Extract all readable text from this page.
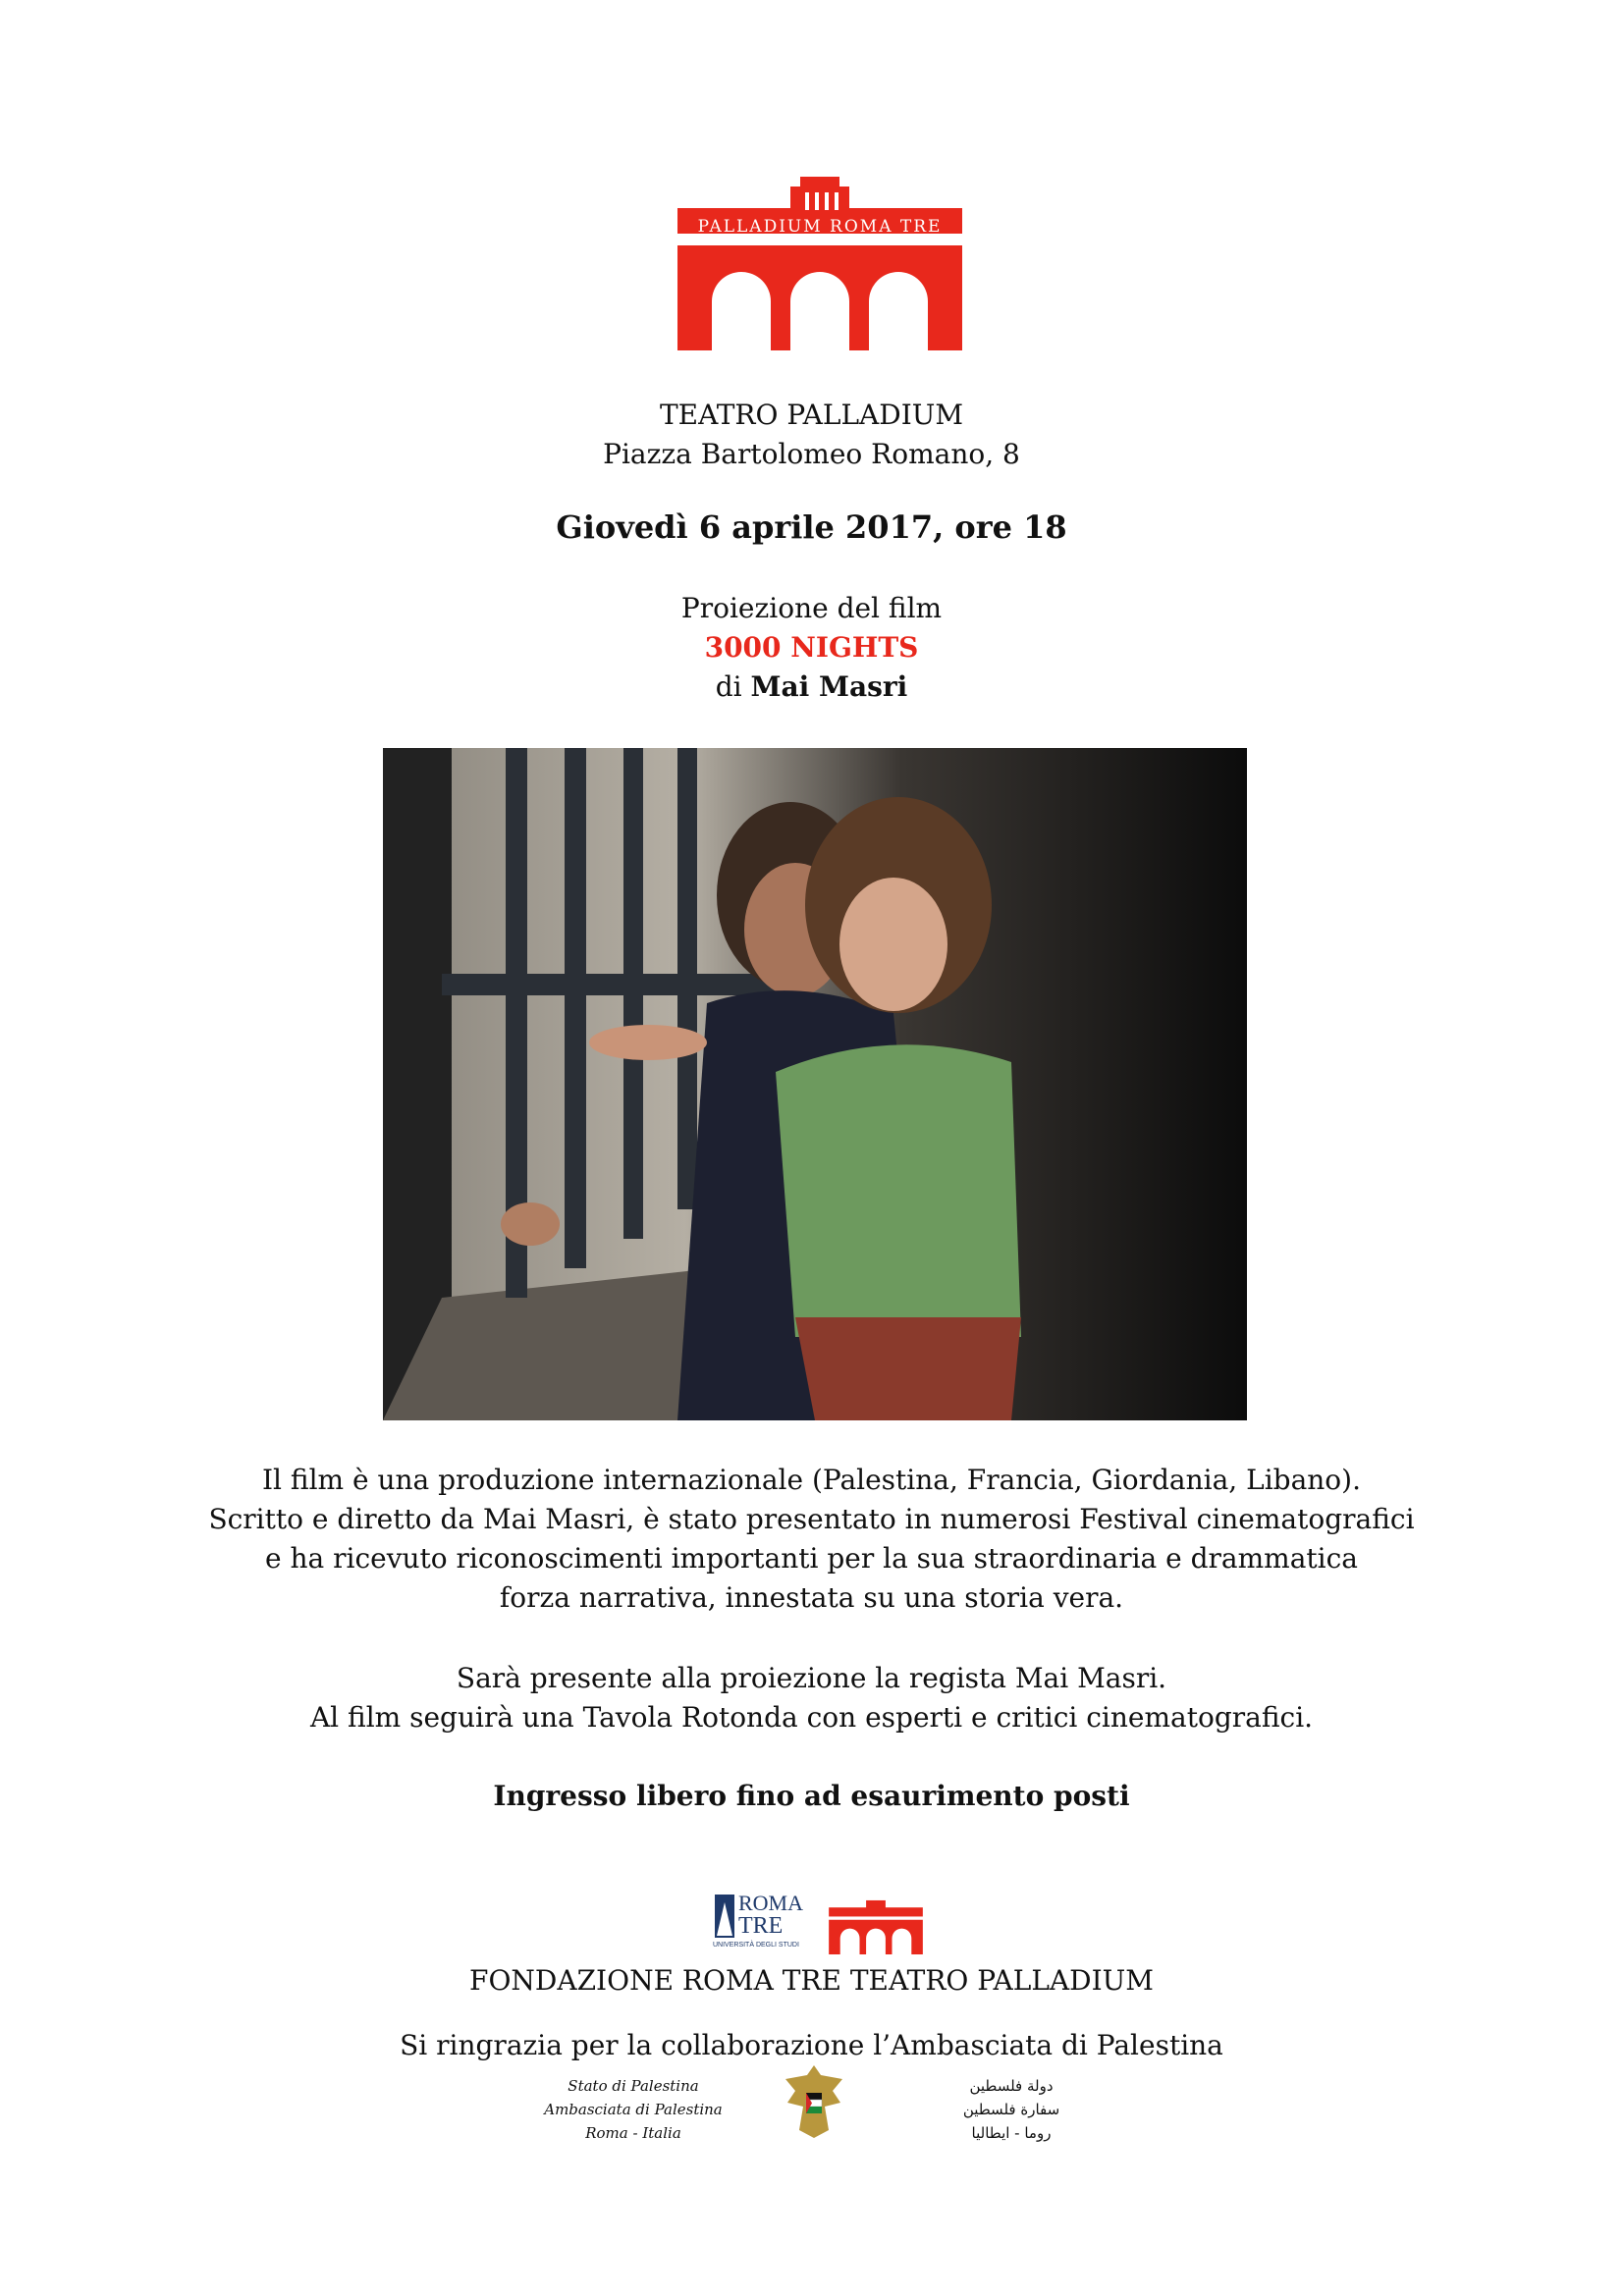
PALLADIUM ROMA TRE
TEATRO PALLADIUM
Piazza Bartolomeo Romano, 8
Giovedì 6 aprile 2017, ore 18
Proiezione del film
3000 NIGHTS
di Mai Masri
Il film è una produzione internazionale (Palestina, Francia, Giordania, Libano).
Scritto e diretto da Mai Masri, è stato presentato in numerosi Festival cinematografici
e ha ricevuto riconoscimenti importanti per la sua straordinaria e drammatica
forza narrativa, innestata su una storia vera.
Sarà presente alla proiezione la regista Mai Masri.
Al film seguirà una Tavola Rotonda con esperti e critici cinematografici.
Ingresso libero fino ad esaurimento posti
ROMA
TRE
UNIVERSITÀ DEGLI STUDI
FONDAZIONE ROMA TRE TEATRO PALLADIUM
Si ringrazia per la collaborazione l’Ambasciata di Palestina
Stato di Palestina
Ambasciata di Palestina
Roma - Italia
دولة فلسطين
سفارة فلسطين
روما - ايطاليا
